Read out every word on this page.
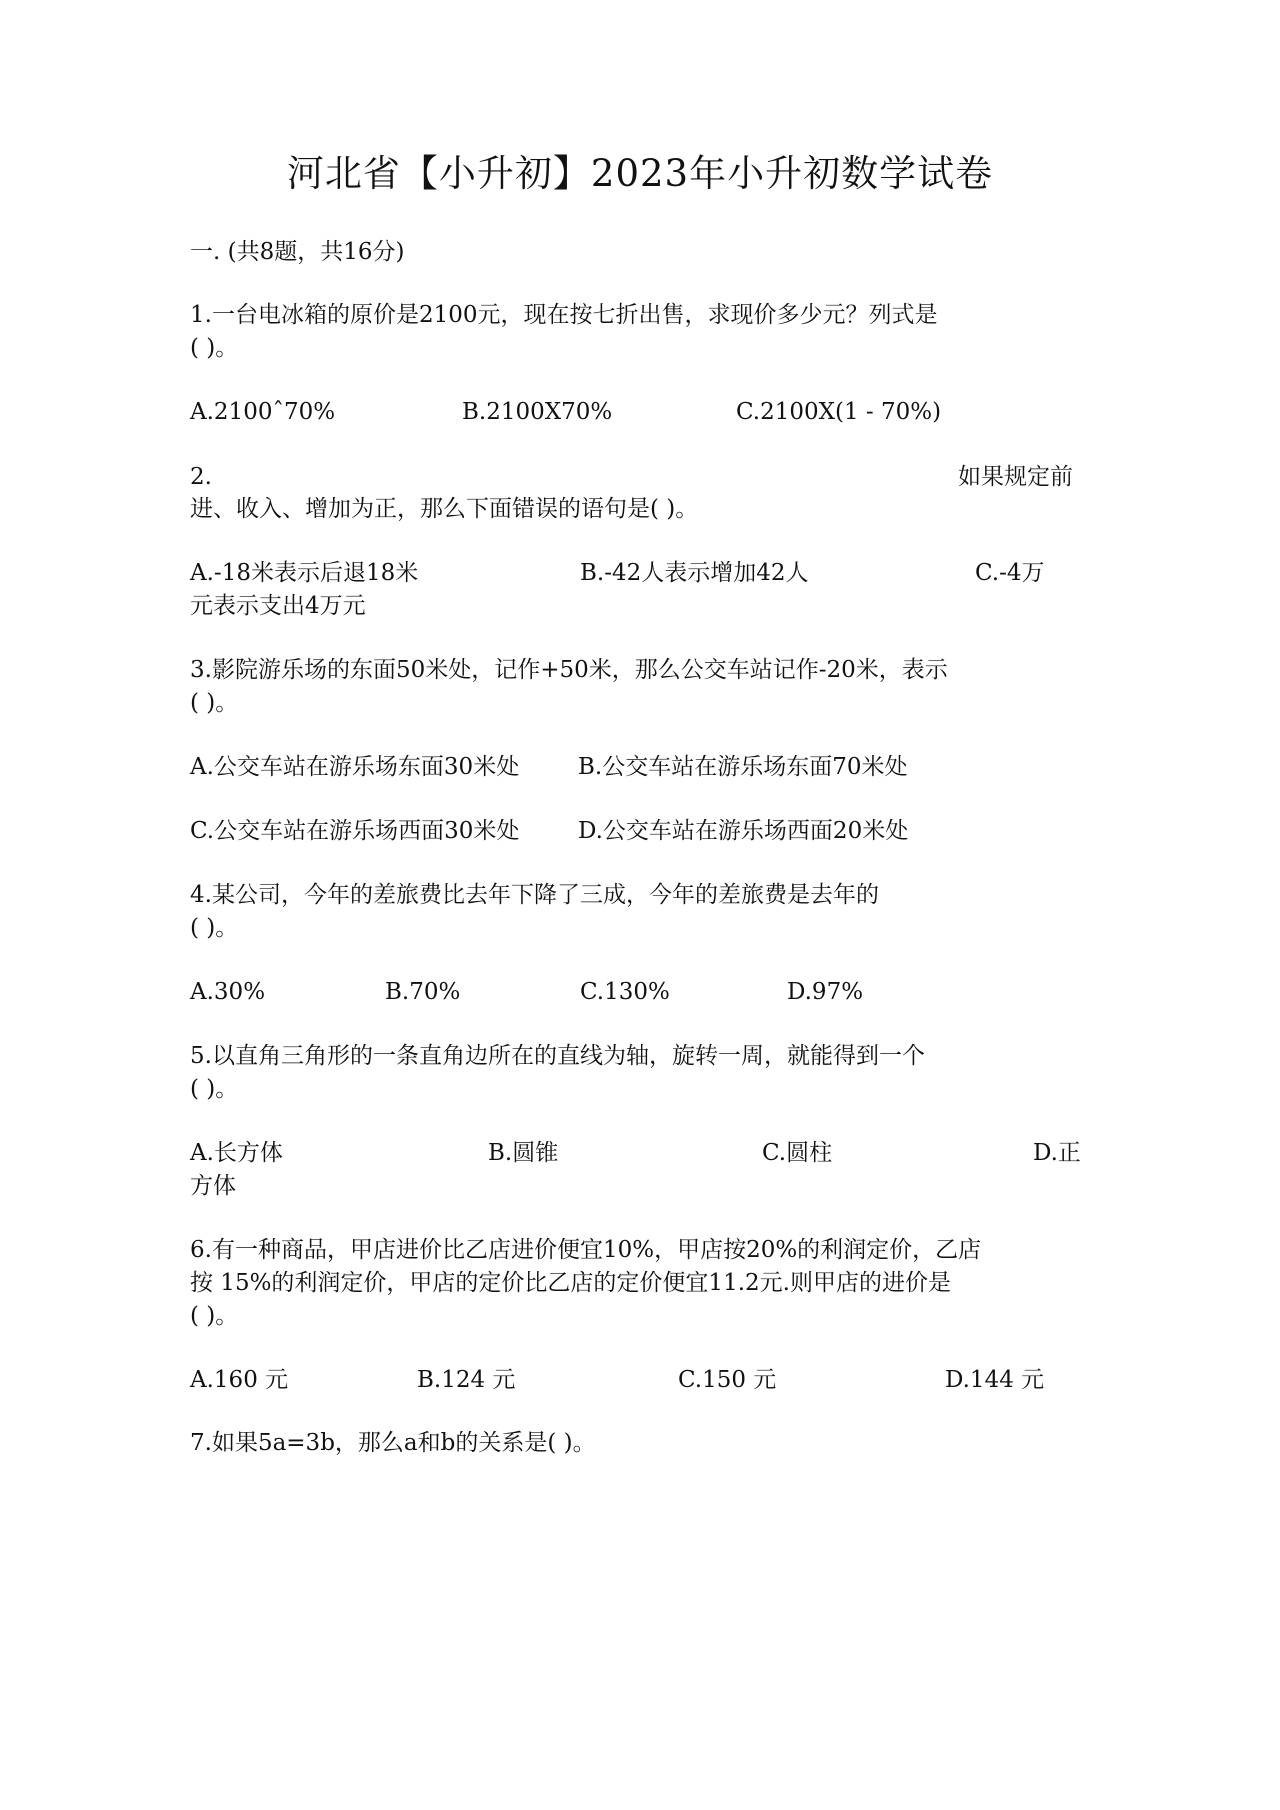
河北省【小升初】2023年小升初数学试卷
一. (共8题，共16分)
1.一台电冰箱的原价是2100元，现在按七折出售，求现价多少元？列式是
( )。
A.2100ˆ70%	B.2100X70%	C.2100X(1 - 70%)
2.	如果规定前
进、收入、增加为正，那么下面错误的语句是( )。
A.-18米表示后退18米	B.-42人表示增加42人	C.-4万
元表示支出4万元
3.影院游乐场的东面50米处，记作+50米，那么公交车站记作-20米，表示
( )。
A.公交车站在游乐场东面30米处	B.公交车站在游乐场东面70米处
C.公交车站在游乐场西面30米处	D.公交车站在游乐场西面20米处
4.某公司，今年的差旅费比去年下降了三成，今年的差旅费是去年的
( )。
A.30%	B.70%	C.130%	D.97%
5.以直角三角形的一条直角边所在的直线为轴，旋转一周，就能得到一个
( )。
A.长方体	B.圆锥	C.圆柱	D.正
方体
6.有一种商品，甲店进价比乙店进价便宜10%，甲店按20%的利润定价，乙店
按 15%的利润定价，甲店的定价比乙店的定价便宜11.2元.则甲店的进价是
( )。
A.160 元	B.124 元	C.150 元	D.144 元
7.如果5a=3b，那么a和b的关系是( )。
